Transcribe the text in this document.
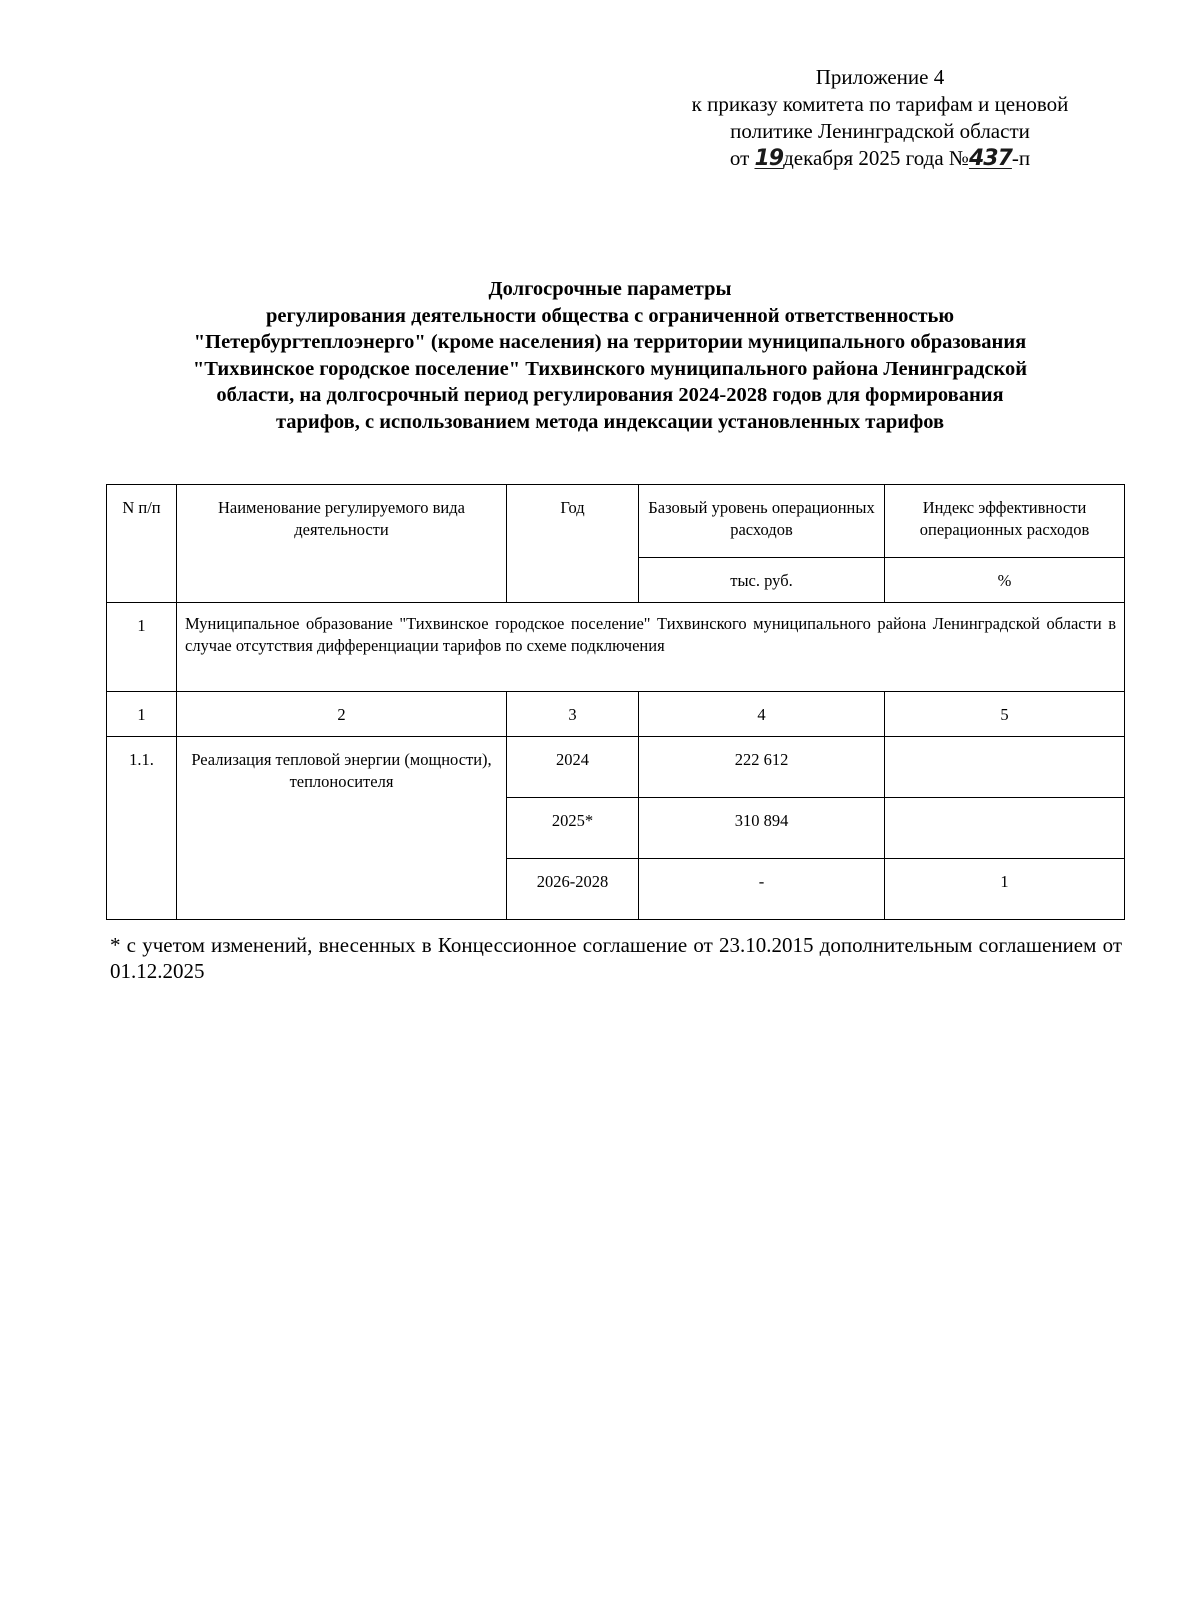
Приложение 4
к приказу комитета по тарифам и ценовой
политике Ленинградской области
от 19декабря 2025 года №437-п
Долгосрочные параметры
регулирования деятельности общества с ограниченной ответственностью
"Петербургтеплоэнерго" (кроме населения) на территории муниципального образования
"Тихвинское городское поселение" Тихвинского муниципального района Ленинградской
области, на долгосрочный период регулирования 2024-2028 годов для формирования
тарифов, с использованием метода индексации установленных тарифов
N п/п	Наименование регулируемого вида деятельности	Год	Базовый уровень операционных расходов	Индекс эффективности операционных расходов
			тыс. руб.	%
1	Муниципальное образование "Тихвинское городское поселение" Тихвинского муниципального района Ленинградской области в случае отсутствия дифференциации тарифов по схеме подключения			
1	2	3	4	5
1.1.	Реализация тепловой энергии (мощности), теплоносителя	2024	222 612	
		2025*	310 894	
		2026-2028	-	1
* с учетом изменений, внесенных в Концессионное соглашение от 23.10.2015 дополнительным соглашением от 01.12.2025
